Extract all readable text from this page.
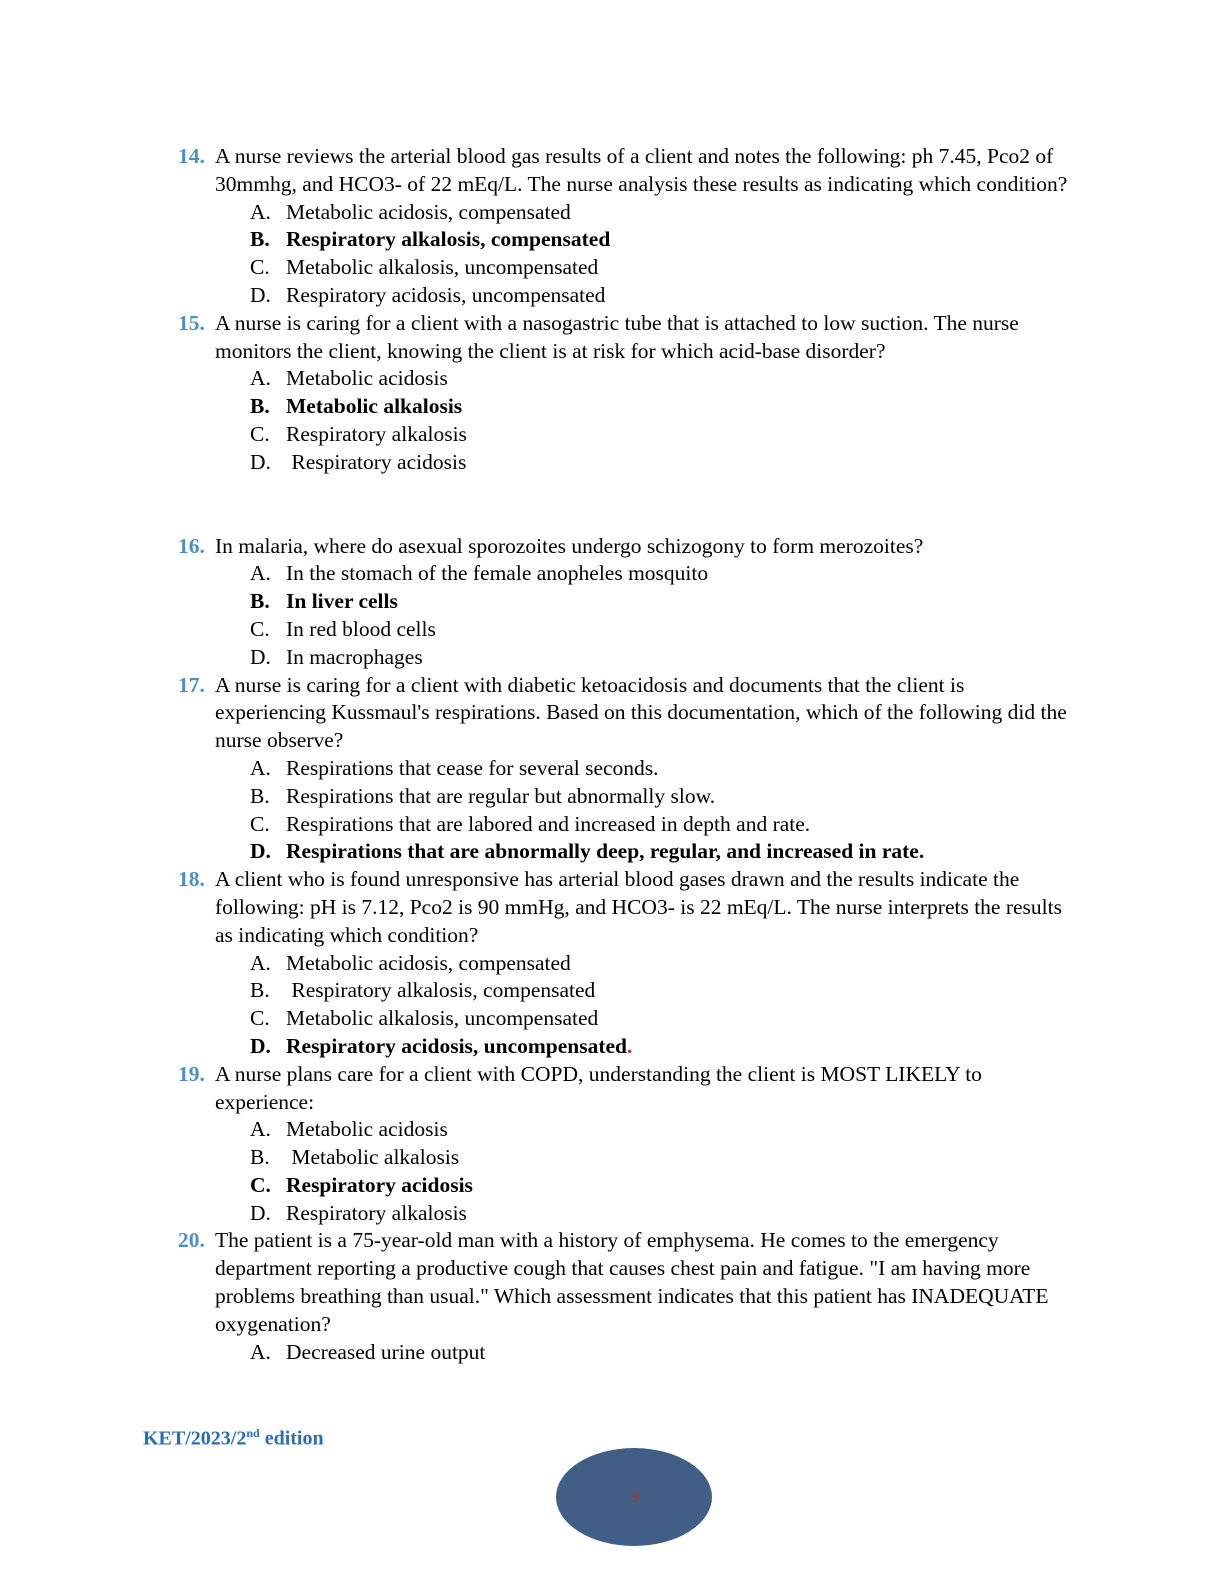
14. A nurse reviews the arterial blood gas results of a client and notes the following: ph 7.45, Pco2 of 30mmhg, and HCO3- of 22 mEq/L. The nurse analysis these results as indicating which condition?
A. Metabolic acidosis, compensated
B. Respiratory alkalosis, compensated
C. Metabolic alkalosis, uncompensated
D. Respiratory acidosis, uncompensated
15. A nurse is caring for a client with a nasogastric tube that is attached to low suction. The nurse monitors the client, knowing the client is at risk for which acid-base disorder?
A. Metabolic acidosis
B. Metabolic alkalosis
C. Respiratory alkalosis
D. Respiratory acidosis
16. In malaria, where do asexual sporozoites undergo schizogony to form merozoites?
A. In the stomach of the female anopheles mosquito
B. In liver cells
C. In red blood cells
D. In macrophages
17. A nurse is caring for a client with diabetic ketoacidosis and documents that the client is experiencing Kussmaul's respirations. Based on this documentation, which of the following did the nurse observe?
A. Respirations that cease for several seconds.
B. Respirations that are regular but abnormally slow.
C. Respirations that are labored and increased in depth and rate.
D. Respirations that are abnormally deep, regular, and increased in rate.
18. A client who is found unresponsive has arterial blood gases drawn and the results indicate the following: pH is 7.12, Pco2 is 90 mmHg, and HCO3- is 22 mEq/L. The nurse interprets the results as indicating which condition?
A. Metabolic acidosis, compensated
B. Respiratory alkalosis, compensated
C. Metabolic alkalosis, uncompensated
D. Respiratory acidosis, uncompensated .
19. A nurse plans care for a client with COPD, understanding the client is MOST LIKELY to experience:
A. Metabolic acidosis
B. Metabolic alkalosis
C. Respiratory acidosis
D. Respiratory alkalosis
20. The patient is a 75-year-old man with a history of emphysema. He comes to the emergency department reporting a productive cough that causes chest pain and fatigue. "I am having more problems breathing than usual." Which assessment indicates that this patient has INADEQUATE oxygenation?
A. Decreased urine output
KET/2023/2nd edition
3
